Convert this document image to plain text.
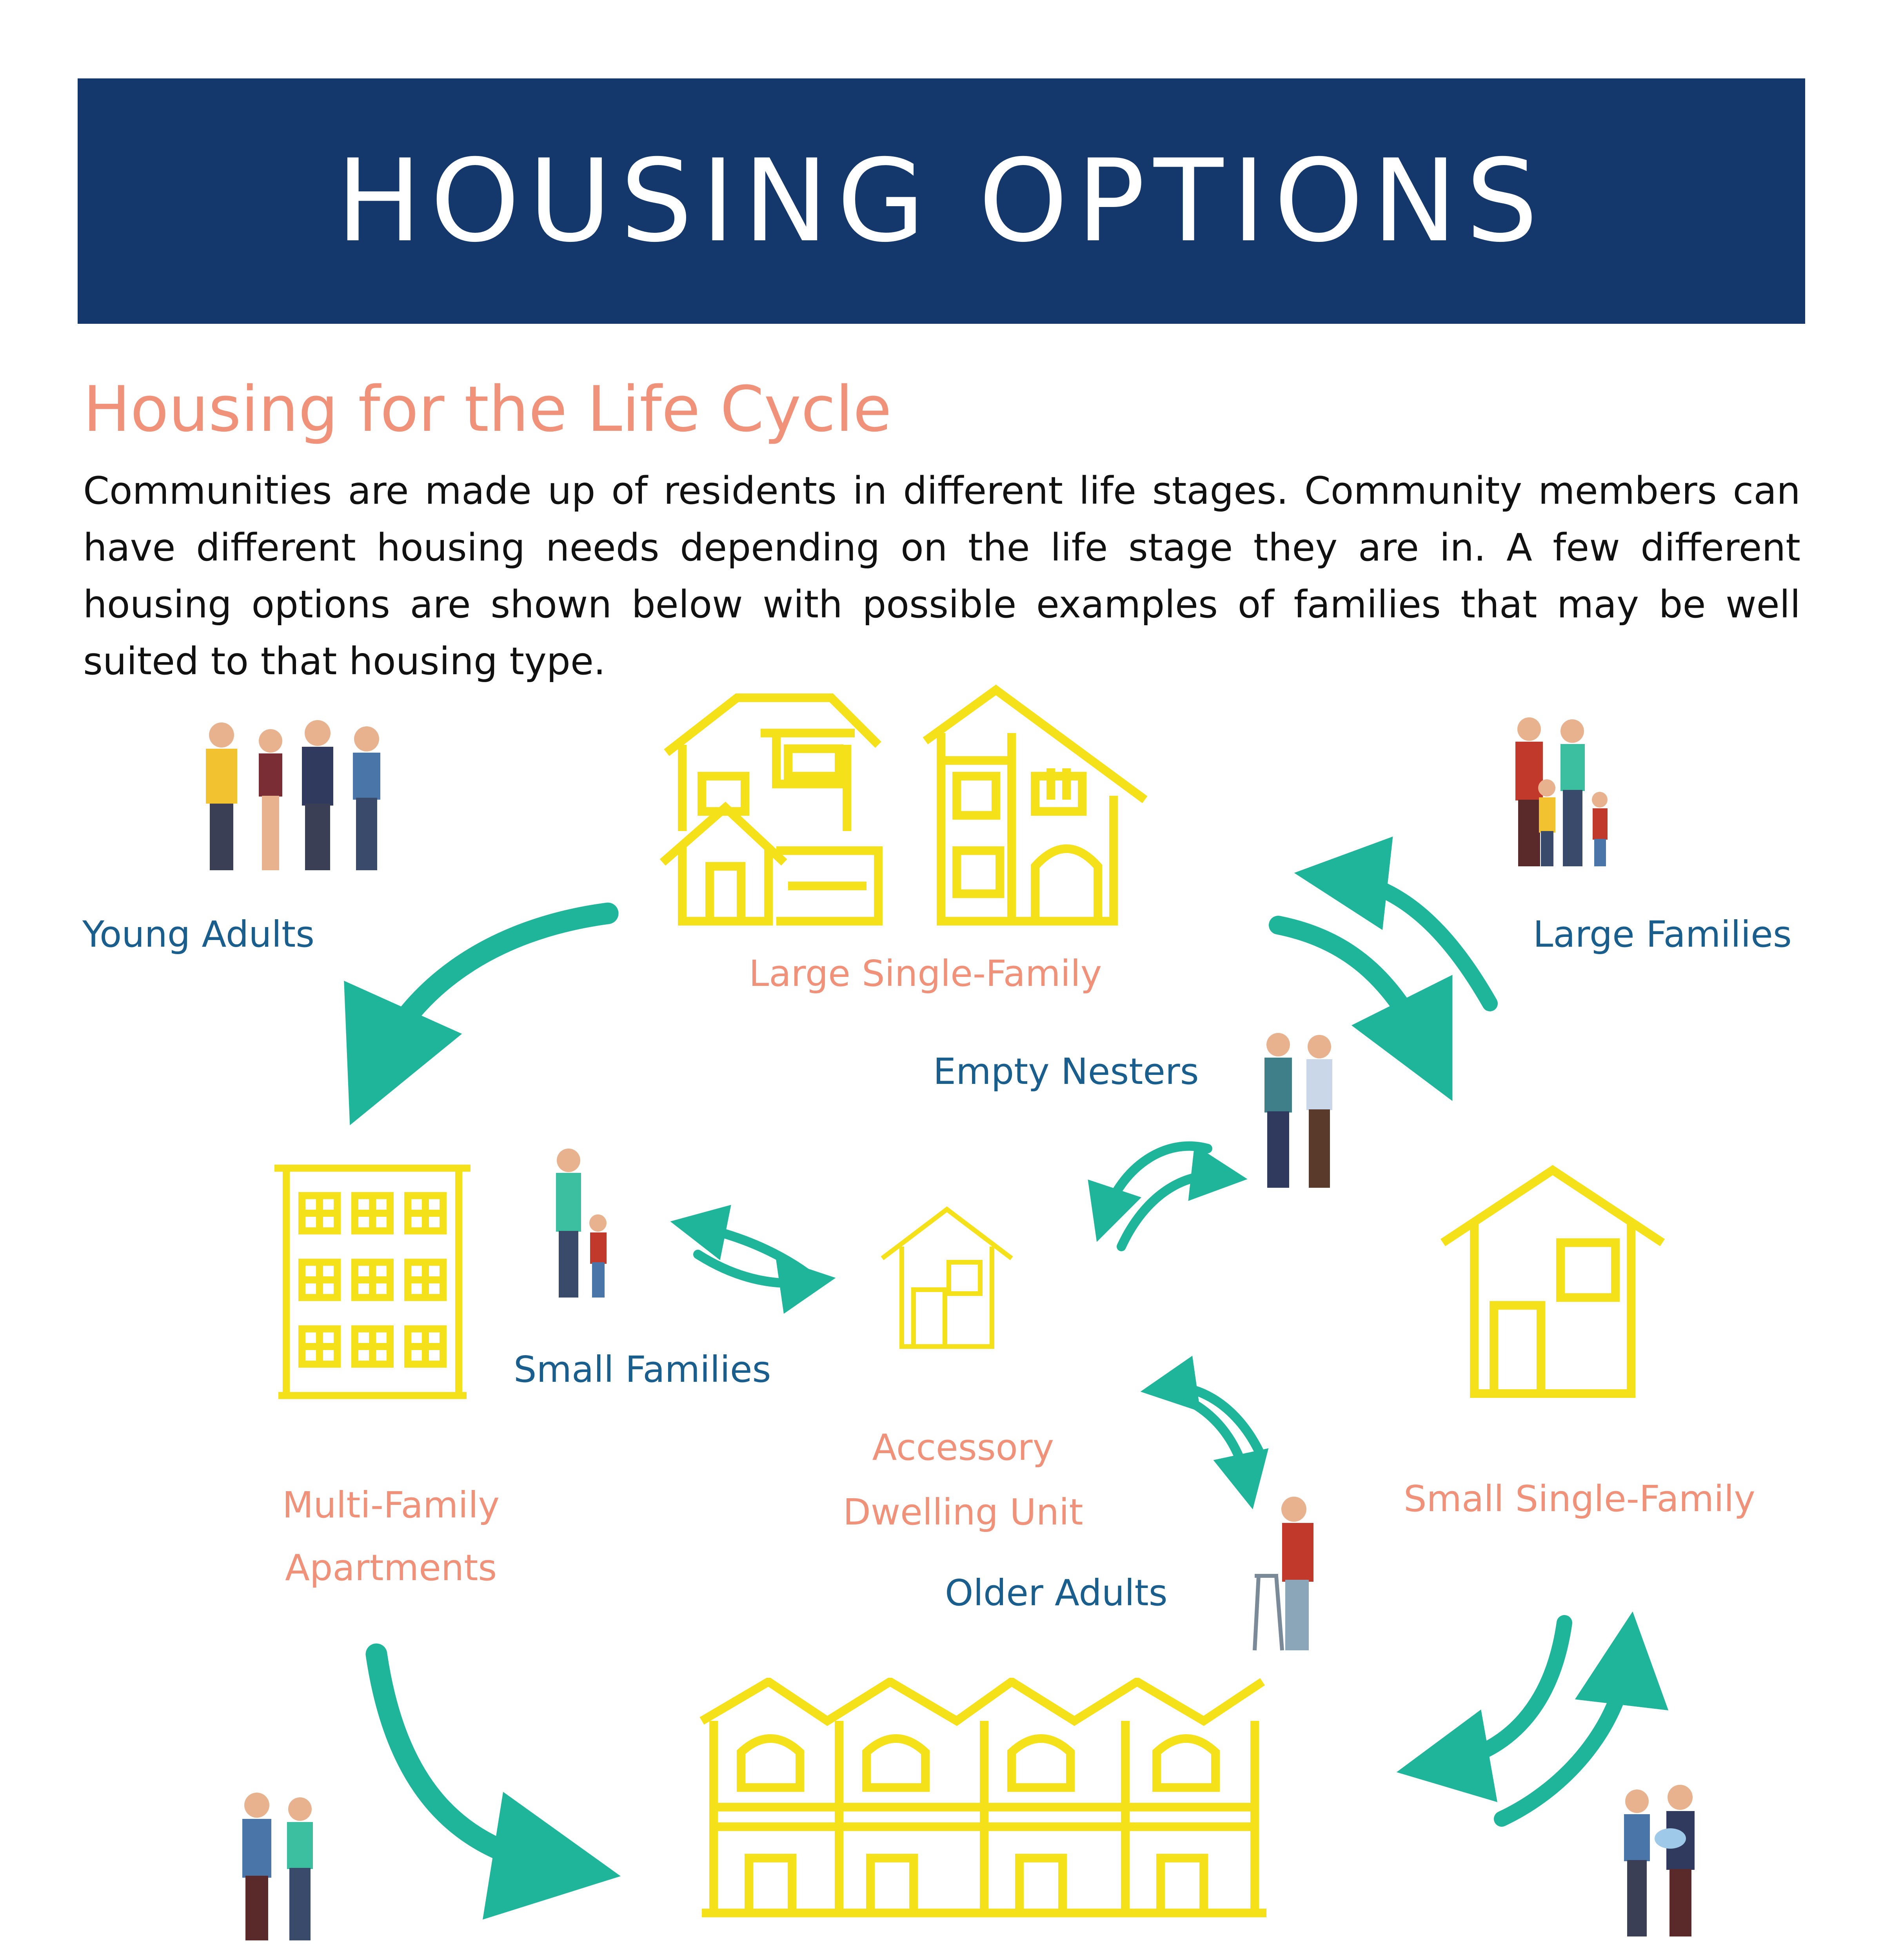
HOUSING OPTIONS
Housing for the Life Cycle
Communities are made up of residents in different life stages. Community members can have different housing needs depending on the life stage they are in. A few different housing options are shown below with possible examples of families that may be well suited to that housing type.
Young Adults	Large Families
Empty Nesters
Small Families
Older Adults
Large Single-Family
Multi-Family
Apartments
Accessory
Dwelling Unit	Small Single-Family
